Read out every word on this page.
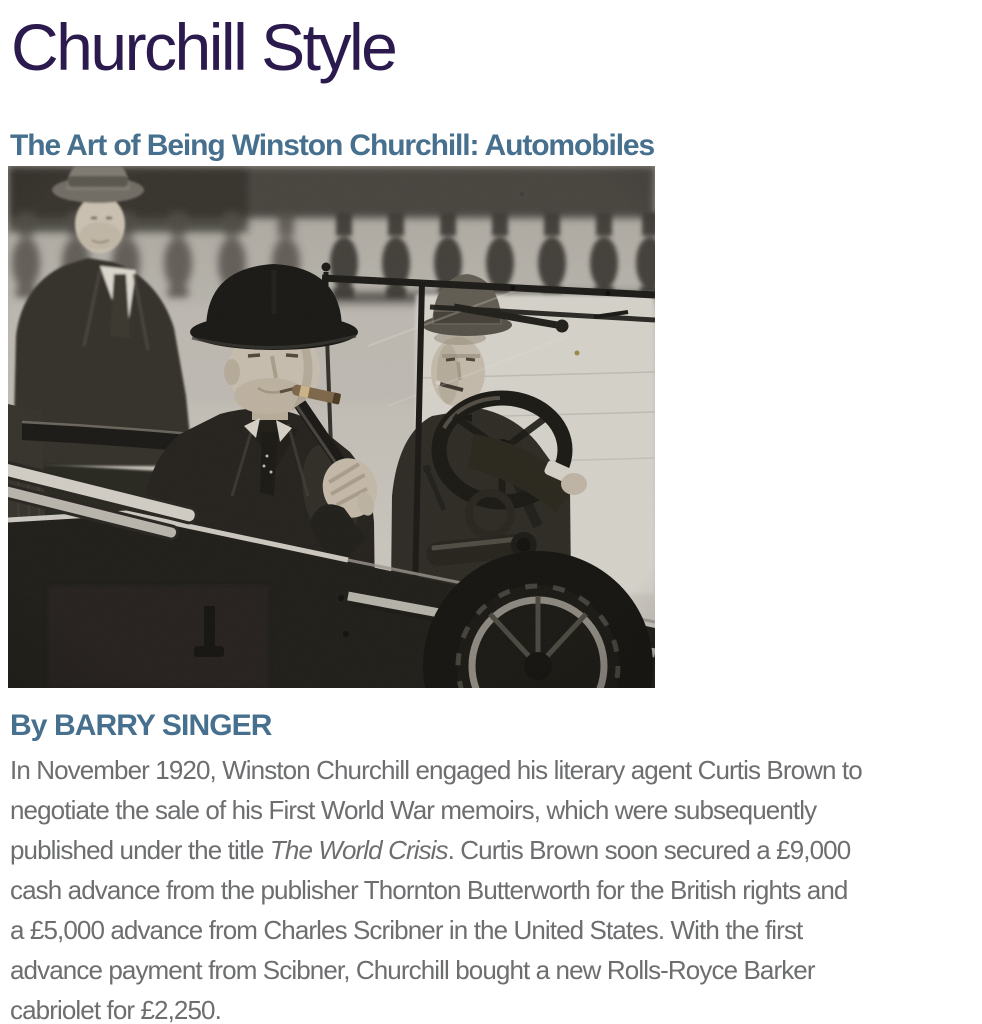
Churchill Style
The Art of Being Winston Churchill: Automobiles
By BARRY SINGER
In November 1920, Winston Churchill engaged his literary agent Curtis Brown to
negotiate the sale of his First World War memoirs, which were subsequently
published under the title The World Crisis. Curtis Brown soon secured a £9,000
cash advance from the publisher Thornton Butterworth for the British rights and
a £5,000 advance from Charles Scribner in the United States. With the first
advance payment from Scibner, Churchill bought a new Rolls-Royce Barker
cabriolet for £2,250.
